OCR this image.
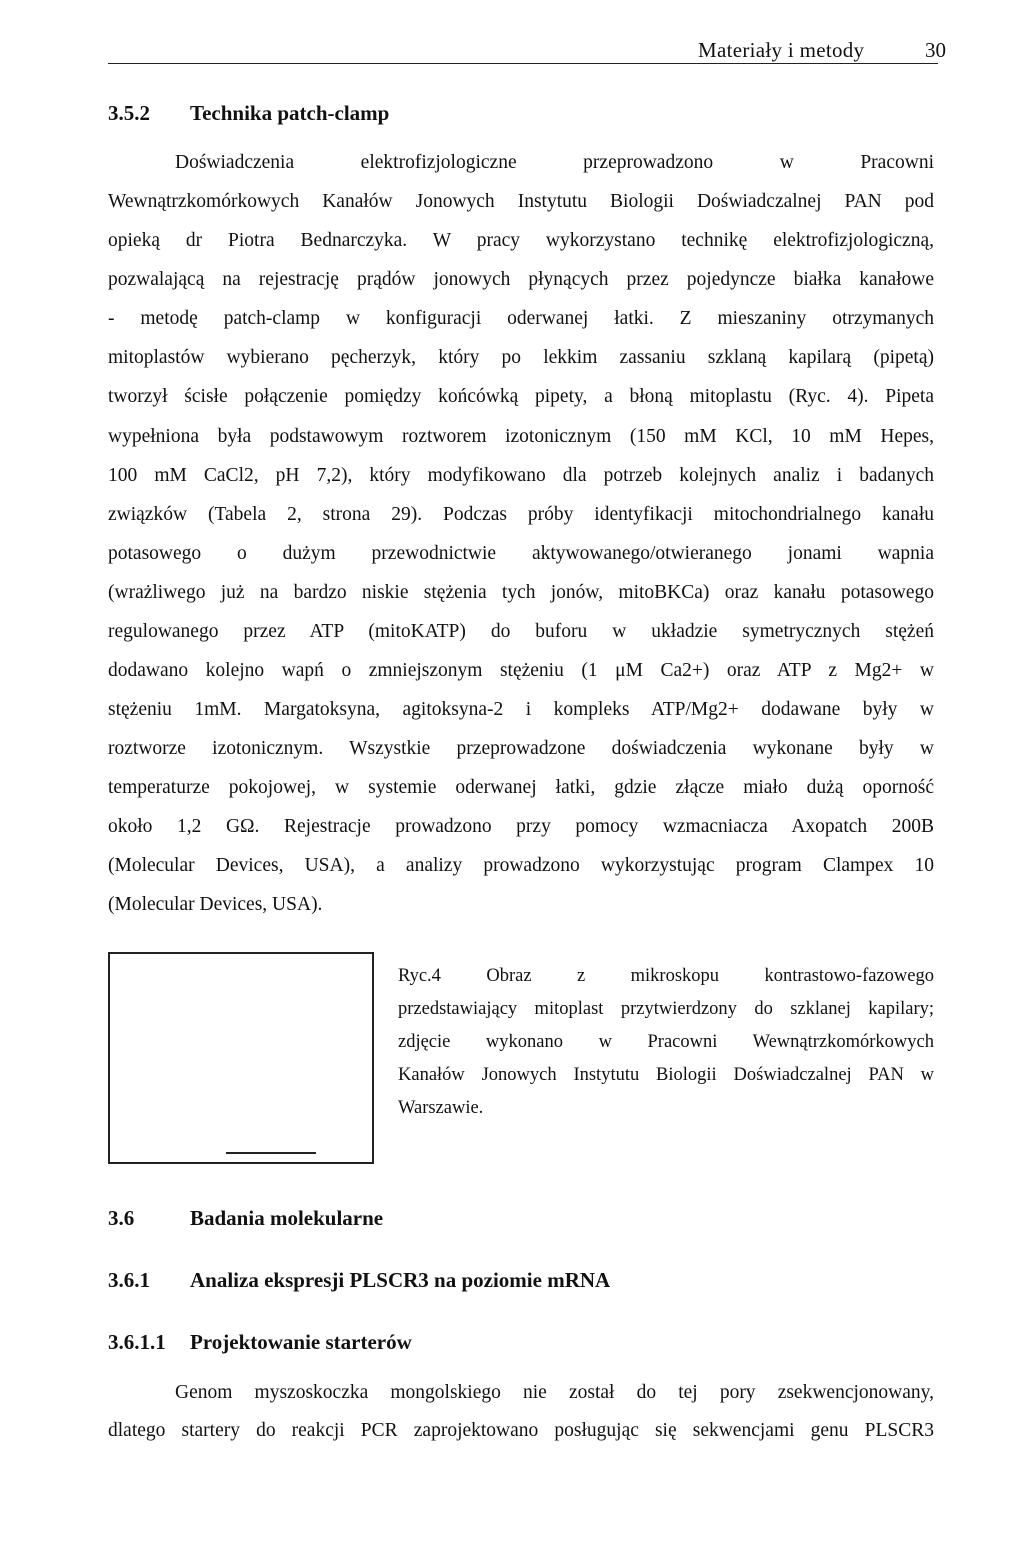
Materiały i metody	30
3.5.2 Technika patch-clamp
Doświadczenia elektrofizjologiczne przeprowadzono w Pracowni
Wewnątrzkomórkowych Kanałów Jonowych Instytutu Biologii Doświadczalnej PAN pod
opieką dr Piotra Bednarczyka. W pracy wykorzystano technikę elektrofizjologiczną,
pozwalającą na rejestrację prądów jonowych płynących przez pojedyncze białka kanałowe
- metodę patch-clamp w konfiguracji oderwanej łatki. Z mieszaniny otrzymanych
mitoplastów wybierano pęcherzyk, który po lekkim zassaniu szklaną kapilarą (pipetą)
tworzył ścisłe połączenie pomiędzy końcówką pipety, a błoną mitoplastu (Ryc. 4). Pipeta
wypełniona była podstawowym roztworem izotonicznym (150 mM KCl, 10 mM Hepes,
100 mM CaCl2, pH 7,2), który modyfikowano dla potrzeb kolejnych analiz i badanych
związków (Tabela 2, strona 29). Podczas próby identyfikacji mitochondrialnego kanału
potasowego o dużym przewodnictwie aktywowanego/otwieranego jonami wapnia
(wrażliwego już na bardzo niskie stężenia tych jonów, mitoBKCa) oraz kanału potasowego
regulowanego przez ATP (mitoKATP) do buforu w układzie symetrycznych stężeń
dodawano kolejno wapń o zmniejszonym stężeniu (1 μM Ca2+) oraz ATP z Mg2+ w
stężeniu 1mM. Margatoksyna, agitoksyna-2 i kompleks ATP/Mg2+ dodawane były w
roztworze izotonicznym. Wszystkie przeprowadzone doświadczenia wykonane były w
temperaturze pokojowej, w systemie oderwanej łatki, gdzie złącze miało dużą oporność
około 1,2 GΩ. Rejestracje prowadzono przy pomocy wzmacniacza Axopatch 200B
(Molecular Devices, USA), a analizy prowadzono wykorzystując program Clampex 10
(Molecular Devices, USA).
Ryc.4 Obraz z mikroskopu kontrastowo-fazowego
przedstawiający mitoplast przytwierdzony do szklanej kapilary;
zdjęcie wykonano w Pracowni Wewnątrzkomórkowych
Kanałów Jonowych Instytutu Biologii Doświadczalnej PAN w
Warszawie.
3.6	Badania molekularne
3.6.1 Analiza ekspresji PLSCR3 na poziomie mRNA
3.6.1.1 Projektowanie starterów
Genom myszoskoczka mongolskiego nie został do tej pory zsekwencjonowany,
dlatego startery do reakcji PCR zaprojektowano posługując się sekwencjami genu PLSCR3
